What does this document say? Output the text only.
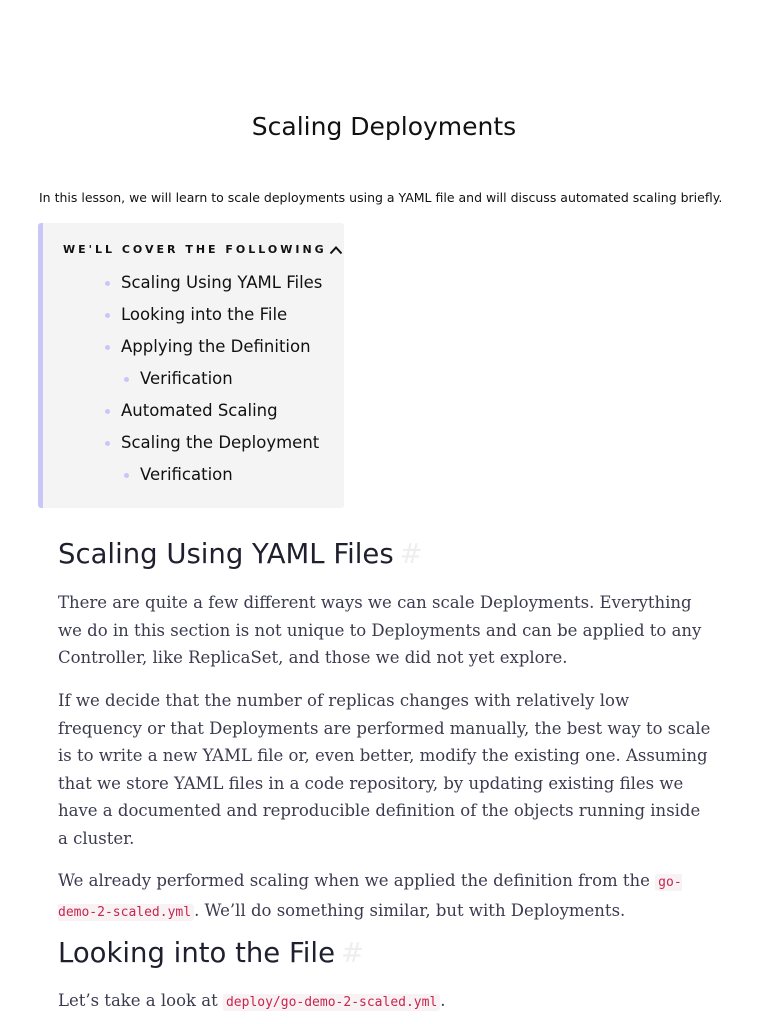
Scaling Deployments

In this lesson, we will learn to scale deployments using a YAML file and will discuss automated scaling briefly.

WE'LL COVER THE FOLLOWING
Scaling Using YAML Files
Looking into the File
Applying the Definition
Verification
Automated Scaling
Scaling the Deployment
Verification
Scaling Using YAML Files #

There are quite a few different ways we can scale Deployments. Everything we do in this section is not unique to Deployments and can be applied to any Controller, like ReplicaSet, and those we did not yet explore.

If we decide that the number of replicas changes with relatively low frequency or that Deployments are performed manually, the best way to scale is to write a new YAML file or, even better, modify the existing one. Assuming that we store YAML files in a code repository, by updating existing files we have a documented and reproducible definition of the objects running inside a cluster.

We already performed scaling when we applied the definition from the go-demo-2-scaled.yml . We’ll do something similar, but with Deployments.

Looking into the File #

Let’s take a look at deploy/go-demo-2-scaled.yml .
